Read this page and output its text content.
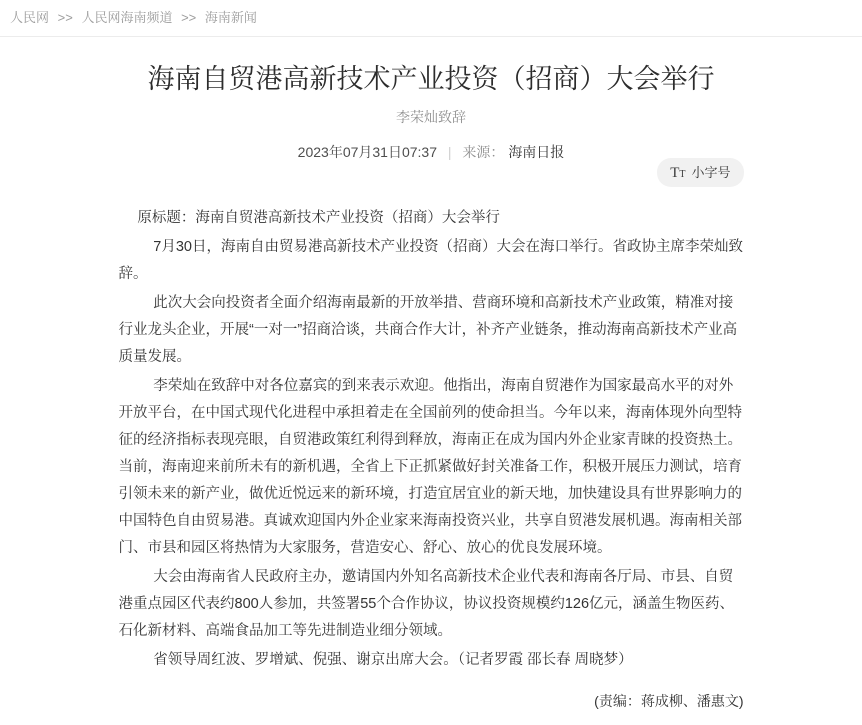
人民网 >> 人民网海南频道 >> 海南新闻
海南自贸港高新技术产业投资（招商）大会举行
李荣灿致辞
2023年07月31日07:37 | 来源： 海南日报
TT 小字号

原标题：海南自贸港高新技术产业投资（招商）大会举行

7月30日，海南自由贸易港高新技术产业投资（招商）大会在海口举行。省政协主席李荣灿致辞。

此次大会向投资者全面介绍海南最新的开放举措、营商环境和高新技术产业政策，精准对接行业龙头企业，开展“一对一”招商洽谈，共商合作大计，补齐产业链条，推动海南高新技术产业高质量发展。

李荣灿在致辞中对各位嘉宾的到来表示欢迎。他指出，海南自贸港作为国家最高水平的对外开放平台，在中国式现代化进程中承担着走在全国前列的使命担当。今年以来，海南体现外向型特征的经济指标表现亮眼，自贸港政策红利得到释放，海南正在成为国内外企业家青睐的投资热土。当前，海南迎来前所未有的新机遇，全省上下正抓紧做好封关准备工作，积极开展压力测试，培育引领未来的新产业，做优近悦远来的新环境，打造宜居宜业的新天地，加快建设具有世界影响力的中国特色自由贸易港。真诚欢迎国内外企业家来海南投资兴业，共享自贸港发展机遇。海南相关部门、市县和园区将热情为大家服务，营造安心、舒心、放心的优良发展环境。

大会由海南省人民政府主办，邀请国内外知名高新技术企业代表和海南各厅局、市县、自贸港重点园区代表约800人参加，共签署55个合作协议，协议投资规模约126亿元，涵盖生物医药、石化新材料、高端食品加工等先进制造业细分领域。

省领导周红波、罗增斌、倪强、谢京出席大会。（记者罗霞 邵长春 周晓梦）

(责编：蒋成柳、潘惠文)
